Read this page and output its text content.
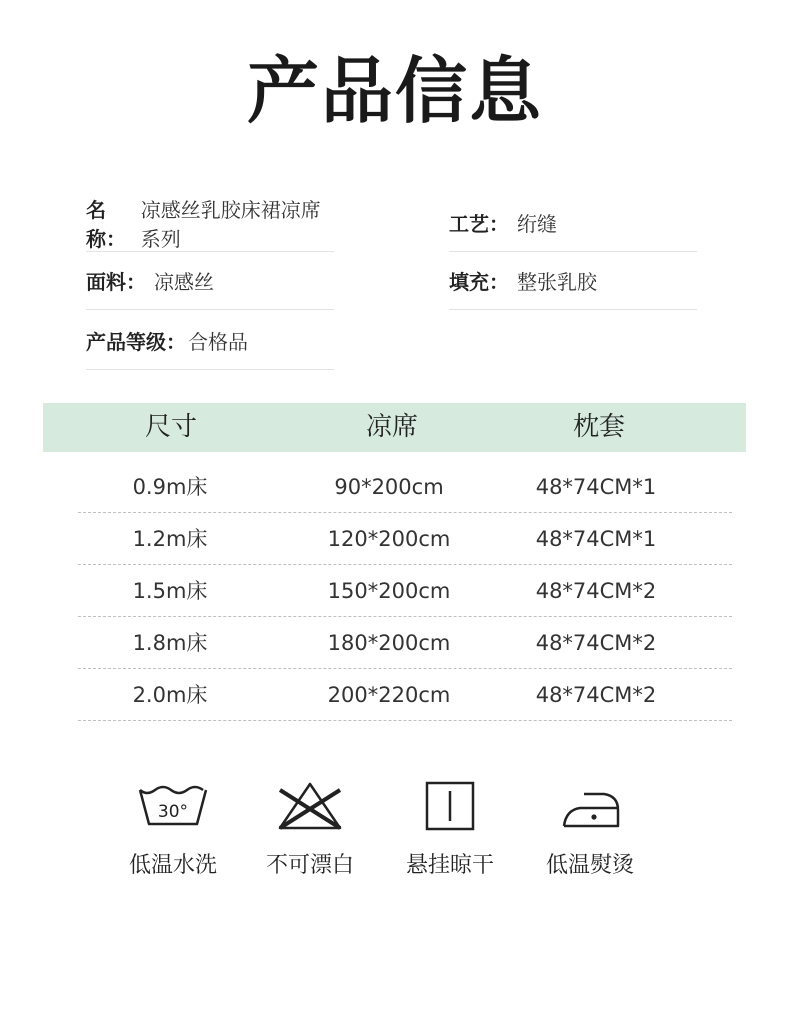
产品信息
名称：
凉感丝乳胶床裙凉席系列
工艺： 绗缝
面料： 凉感丝	填充： 整张乳胶
产品等级： 合格品
尺寸	凉席	枕套
0.9m床	90*200cm	48*74CM*1
1.2m床	120*200cm	48*74CM*1
1.5m床	150*200cm	48*74CM*2
1.8m床	180*200cm	48*74CM*2
2.0m床	200*220cm	48*74CM*2
30°
低温水洗	不可漂白	悬挂晾干	低温熨烫
